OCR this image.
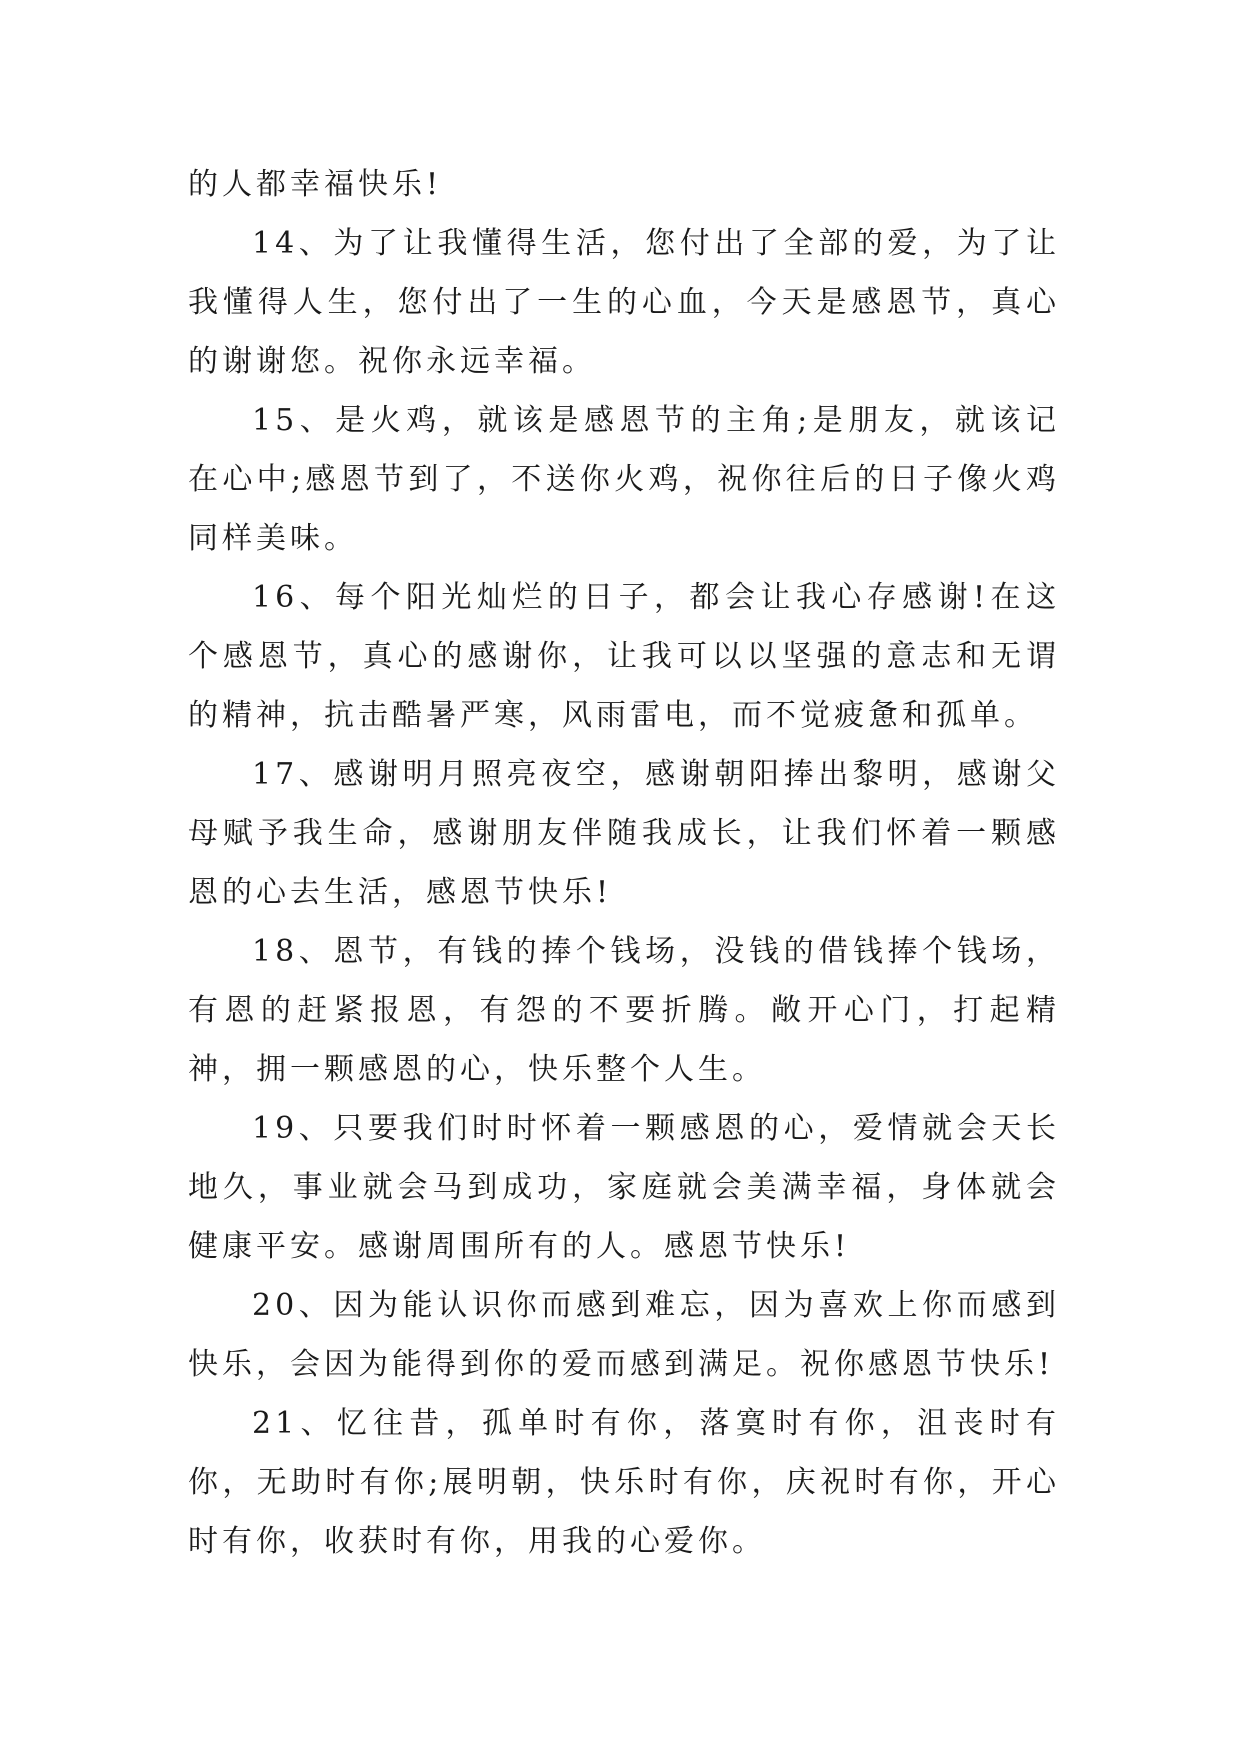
的人都幸福快乐!

14、为了让我懂得生活，您付出了全部的爱，为了让我懂得人生，您付出了一生的心血，今天是感恩节，真心的谢谢您。祝你永远幸福。

15、是火鸡，就该是感恩节的主角;是朋友，就该记在心中;感恩节到了，不送你火鸡，祝你往后的日子像火鸡同样美味。

16、每个阳光灿烂的日子，都会让我心存感谢!在这个感恩节，真心的感谢你，让我可以以坚强的意志和无谓的精神，抗击酷暑严寒，风雨雷电，而不觉疲惫和孤单。

17、感谢明月照亮夜空，感谢朝阳捧出黎明，感谢父母赋予我生命，感谢朋友伴随我成长，让我们怀着一颗感恩的心去生活，感恩节快乐!

18、恩节，有钱的捧个钱场，没钱的借钱捧个钱场，有恩的赶紧报恩，有怨的不要折腾。敞开心门，打起精神，拥一颗感恩的心，快乐整个人生。

19、只要我们时时怀着一颗感恩的心，爱情就会天长地久，事业就会马到成功，家庭就会美满幸福，身体就会健康平安。感谢周围所有的人。感恩节快乐!

20、因为能认识你而感到难忘，因为喜欢上你而感到快乐，会因为能得到你的爱而感到满足。祝你感恩节快乐!

21、忆往昔，孤单时有你，落寞时有你，沮丧时有你，无助时有你;展明朝，快乐时有你，庆祝时有你，开心时有你，收获时有你，用我的心爱你。
